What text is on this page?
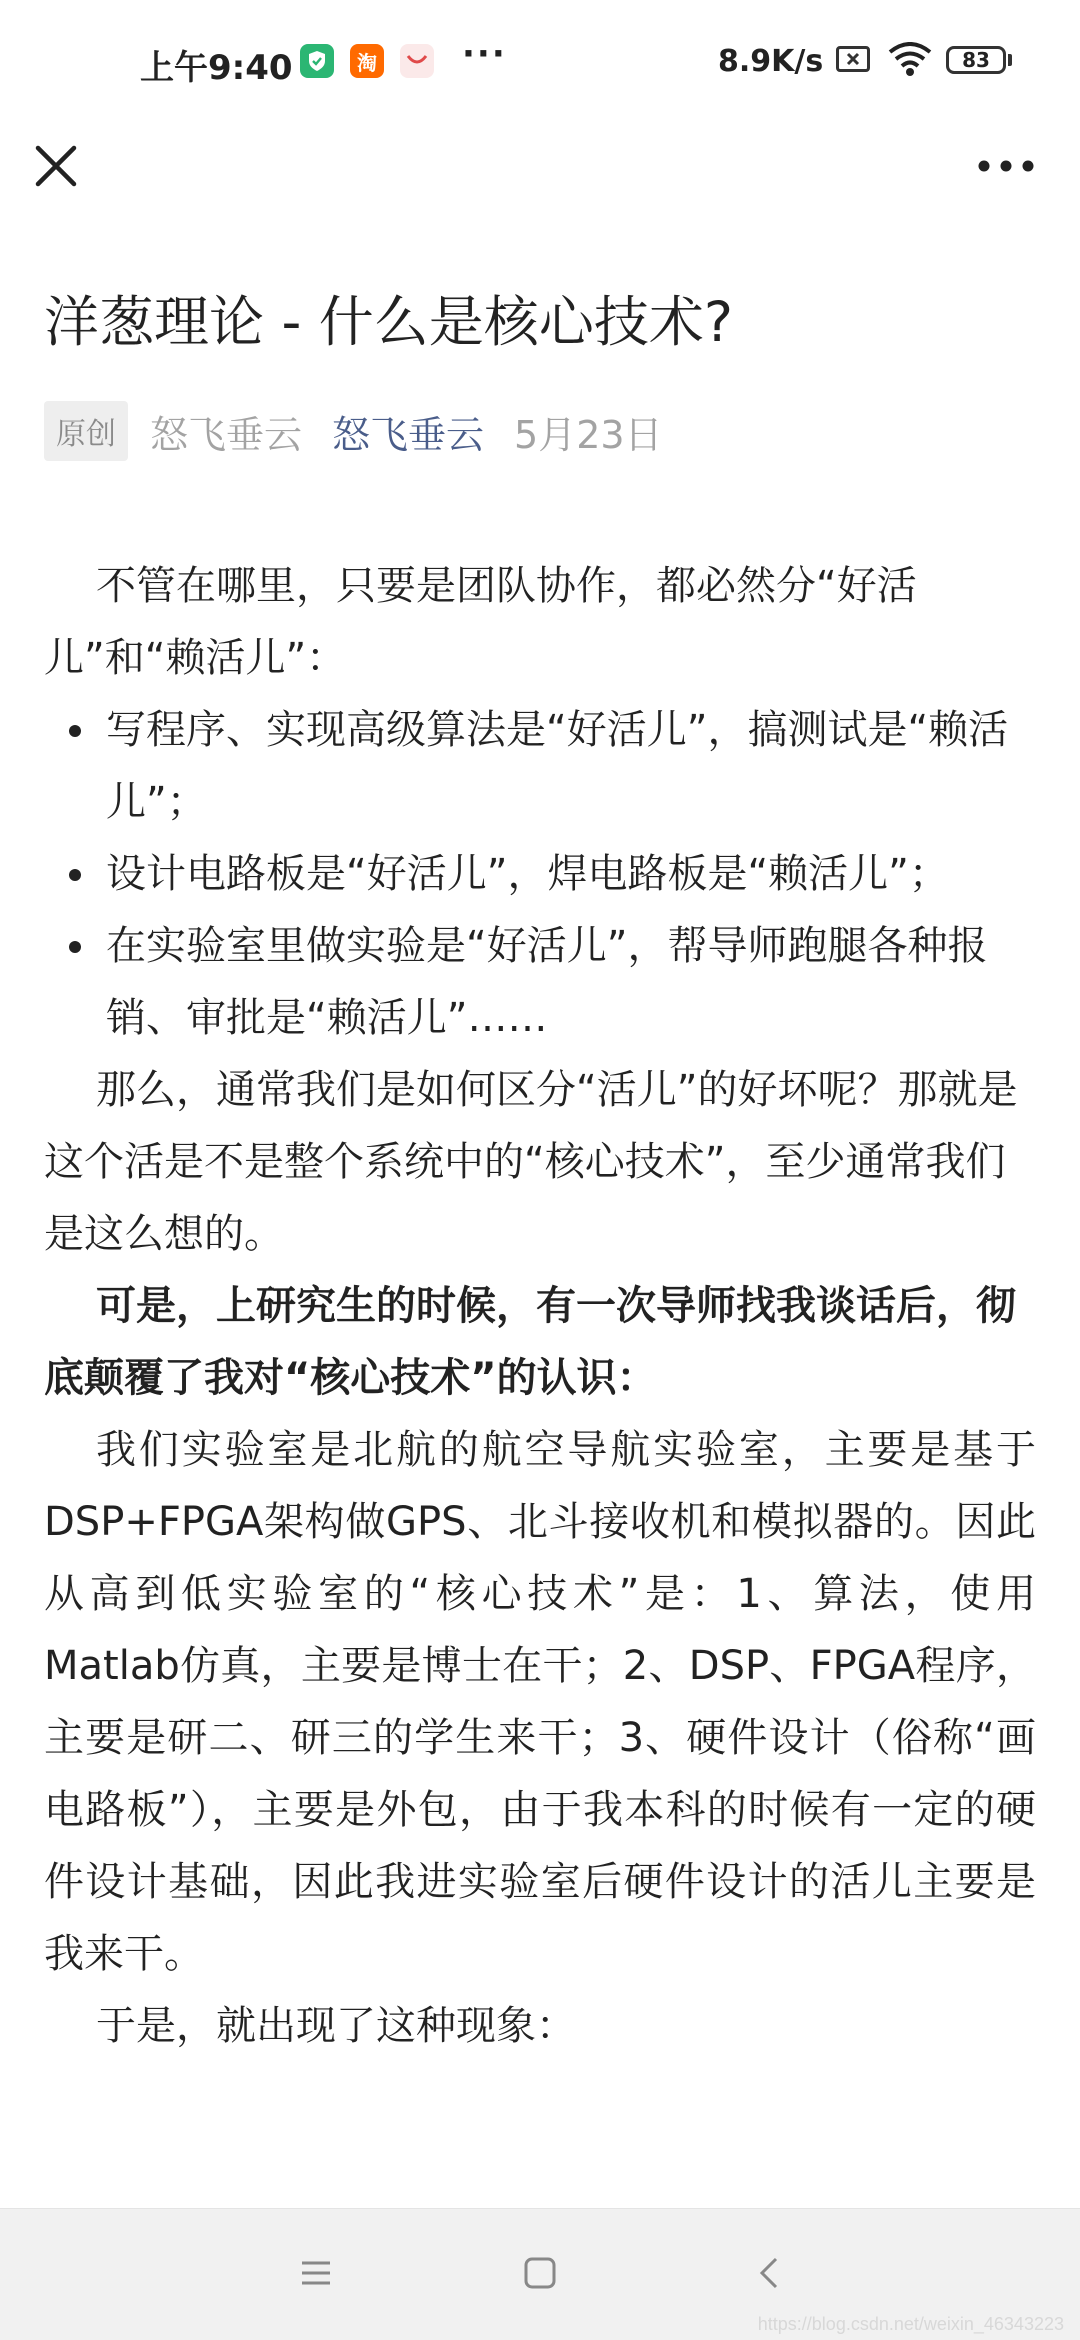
上午9:40	淘	···	8.9K/s	83
洋葱理论 - 什么是核心技术?
原创 怒飞垂云 怒飞垂云 5月23日

不管在哪里，只要是团队协作，都必然分“好活儿”和“赖活儿”：

• 写程序、实现高级算法是“好活儿”，搞测试是“赖活儿”；
• 设计电路板是“好活儿”，焊电路板是“赖活儿”；
• 在实验室里做实验是“好活儿”，帮导师跑腿各种报销、审批是“赖活儿”……

那么，通常我们是如何区分“活儿”的好坏呢？那就是这个活是不是整个系统中的“核心技术”，至少通常我们是这么想的。

可是，上研究生的时候，有一次导师找我谈话后，彻底颠覆了我对“核心技术”的认识：

我们实验室是北航的航空导航实验室，主要是基于DSP+FPGA架构做GPS、北斗接收机和模拟器的。因此从高到低实验室的“核心技术”是：1、算法，使用Matlab仿真，主要是博士在干；2、DSP、FPGA程序，主要是研二、研三的学生来干；3、硬件设计（俗称“画电路板”），主要是外包，由于我本科的时候有一定的硬件设计基础，因此我进实验室后硬件设计的活儿主要是我来干。

于是，就出现了这种现象：

https://blog.csdn.net/weixin_46343223
